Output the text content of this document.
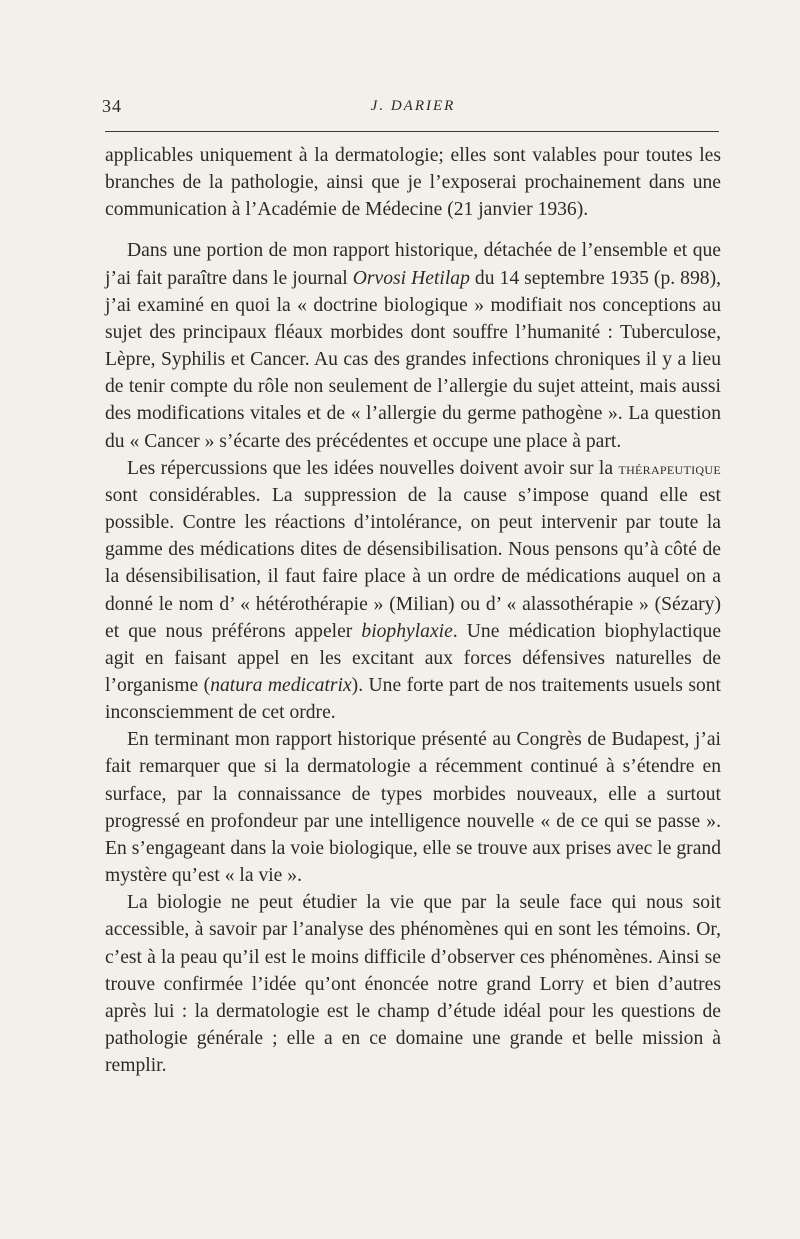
34	J. DARIER

applicables uniquement à la dermatologie; elles sont valables pour toutes les branches de la pathologie, ainsi que je l’exposerai prochainement dans une communication à l’Académie de Médecine (21 janvier 1936).

Dans une portion de mon rapport historique, détachée de l’ensemble et que j’ai fait paraître dans le journal Orvosi Hetilap du 14 septembre 1935 (p. 898), j’ai examiné en quoi la « doctrine biologique » modifiait nos conceptions au sujet des principaux fléaux morbides dont souffre l’humanité : Tuberculose, Lèpre, Syphilis et Cancer. Au cas des grandes infections chroniques il y a lieu de tenir compte du rôle non seulement de l’allergie du sujet atteint, mais aussi des modifications vitales et de « l’allergie du germe pathogène ». La question du « Cancer » s’écarte des précédentes et occupe une place à part.

Les répercussions que les idées nouvelles doivent avoir sur la thérapeutique sont considérables. La suppression de la cause s’impose quand elle est possible. Contre les réactions d’intolérance, on peut intervenir par toute la gamme des médications dites de désensibilisation. Nous pensons qu’à côté de la désensibilisation, il faut faire place à un ordre de médications auquel on a donné le nom d’ « hétérothérapie » (Milian) ou d’ « alassothérapie » (Sézary) et que nous préférons appeler biophylaxie. Une médication biophylactique agit en faisant appel en les excitant aux forces défensives naturelles de l’organisme (natura medicatrix). Une forte part de nos traitements usuels sont inconsciemment de cet ordre.

En terminant mon rapport historique présenté au Congrès de Budapest, j’ai fait remarquer que si la dermatologie a récemment continué à s’étendre en surface, par la connaissance de types morbides nouveaux, elle a surtout progressé en profondeur par une intelligence nouvelle « de ce qui se passe ». En s’engageant dans la voie biologique, elle se trouve aux prises avec le grand mystère qu’est « la vie ».

La biologie ne peut étudier la vie que par la seule face qui nous soit accessible, à savoir par l’analyse des phénomènes qui en sont les témoins. Or, c’est à la peau qu’il est le moins difficile d’observer ces phénomènes. Ainsi se trouve confirmée l’idée qu’ont énoncée notre grand Lorry et bien d’autres après lui : la dermatologie est le champ d’étude idéal pour les questions de pathologie générale ; elle a en ce domaine une grande et belle mission à remplir.
